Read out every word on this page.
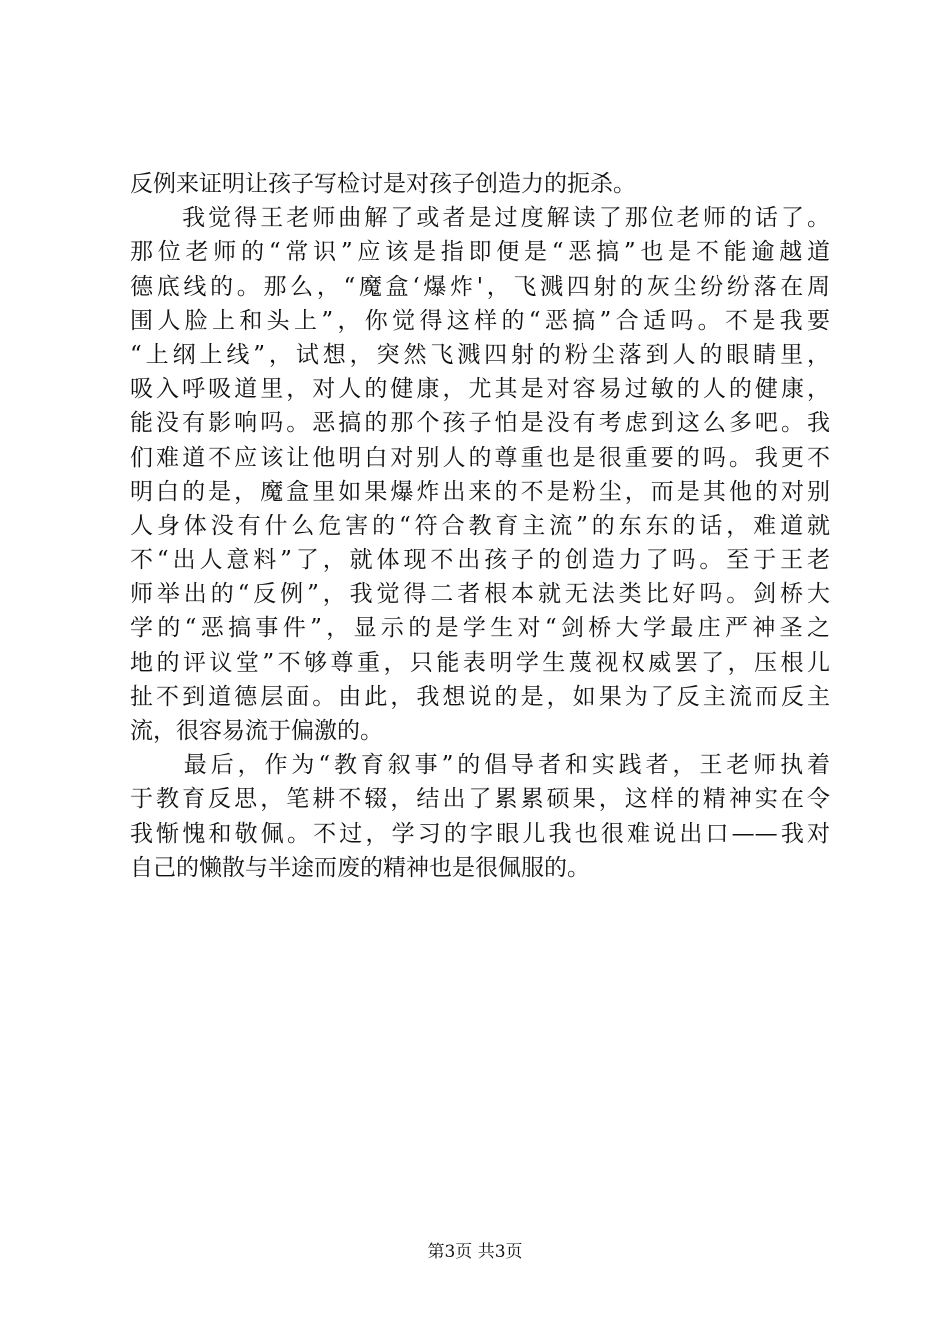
反例来证明让孩子写检讨是对孩子创造力的扼杀。
　　我觉得王老师曲解了或者是过度解读了那位老师的话了。
那位老师的“常识”应该是指即便是“恶搞”也是不能逾越道
德底线的。那么，“魔盒‘爆炸'，飞溅四射的灰尘纷纷落在周
围人脸上和头上”，你觉得这样的“恶搞”合适吗。不是我要
“上纲上线”，试想，突然飞溅四射的粉尘落到人的眼睛里，
吸入呼吸道里，对人的健康，尤其是对容易过敏的人的健康，
能没有影响吗。恶搞的那个孩子怕是没有考虑到这么多吧。我
们难道不应该让他明白对别人的尊重也是很重要的吗。我更不
明白的是，魔盒里如果爆炸出来的不是粉尘，而是其他的对别
人身体没有什么危害的“符合教育主流”的东东的话，难道就
不“出人意料”了，就体现不出孩子的创造力了吗。至于王老
师举出的“反例”，我觉得二者根本就无法类比好吗。剑桥大
学的“恶搞事件”，显示的是学生对“剑桥大学最庄严神圣之
地的评议堂”不够尊重，只能表明学生蔑视权威罢了，压根儿
扯不到道德层面。由此，我想说的是，如果为了反主流而反主
流，很容易流于偏激的。
　　最后，作为“教育叙事”的倡导者和实践者，王老师执着
于教育反思，笔耕不辍，结出了累累硕果，这样的精神实在令
我惭愧和敬佩。不过，学习的字眼儿我也很难说出口——我对
自己的懒散与半途而废的精神也是很佩服的。
第3页 共3页
